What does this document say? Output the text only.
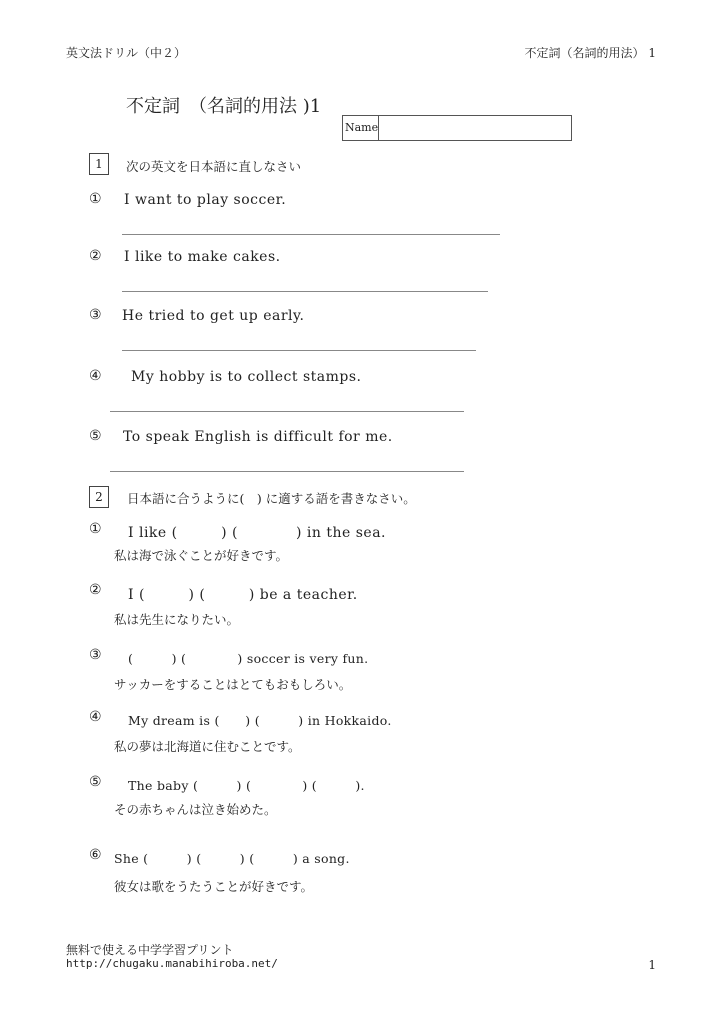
英文法ドリル（中２）	不定詞（名詞的用法） 1
不定詞　（名詞的用法 )1
Name
1	次の英文を日本語に直しなさい
① I want to play soccer.
② I like to make cakes.
③ He tried to get up early.
④ My hobby is to collect stamps.
⑤ To speak English is difficult for me.
2	日本語に合うように(　) に適する語を書きなさい。
① I like (　　　) (　　　　) in the sea.
私は海で泳ぐことが好きです。
② I (　　　) (　　　) be a teacher.
私は先生になりたい。
③ (　　　) (　　　　) soccer is very fun.
サッカーをすることはとてもおもしろい。
④ My dream is (　　) (　　　) in Hokkaido.
私の夢は北海道に住むことです。
⑤ The baby (　　　) (　　　　) (　　　).
その赤ちゃんは泣き始めた。
⑥ She (　　　) (　　　) (　　　) a song.
彼女は歌をうたうことが好きです。
無料で使える中学学習プリント
http://chugaku.manabihiroba.net/	1
